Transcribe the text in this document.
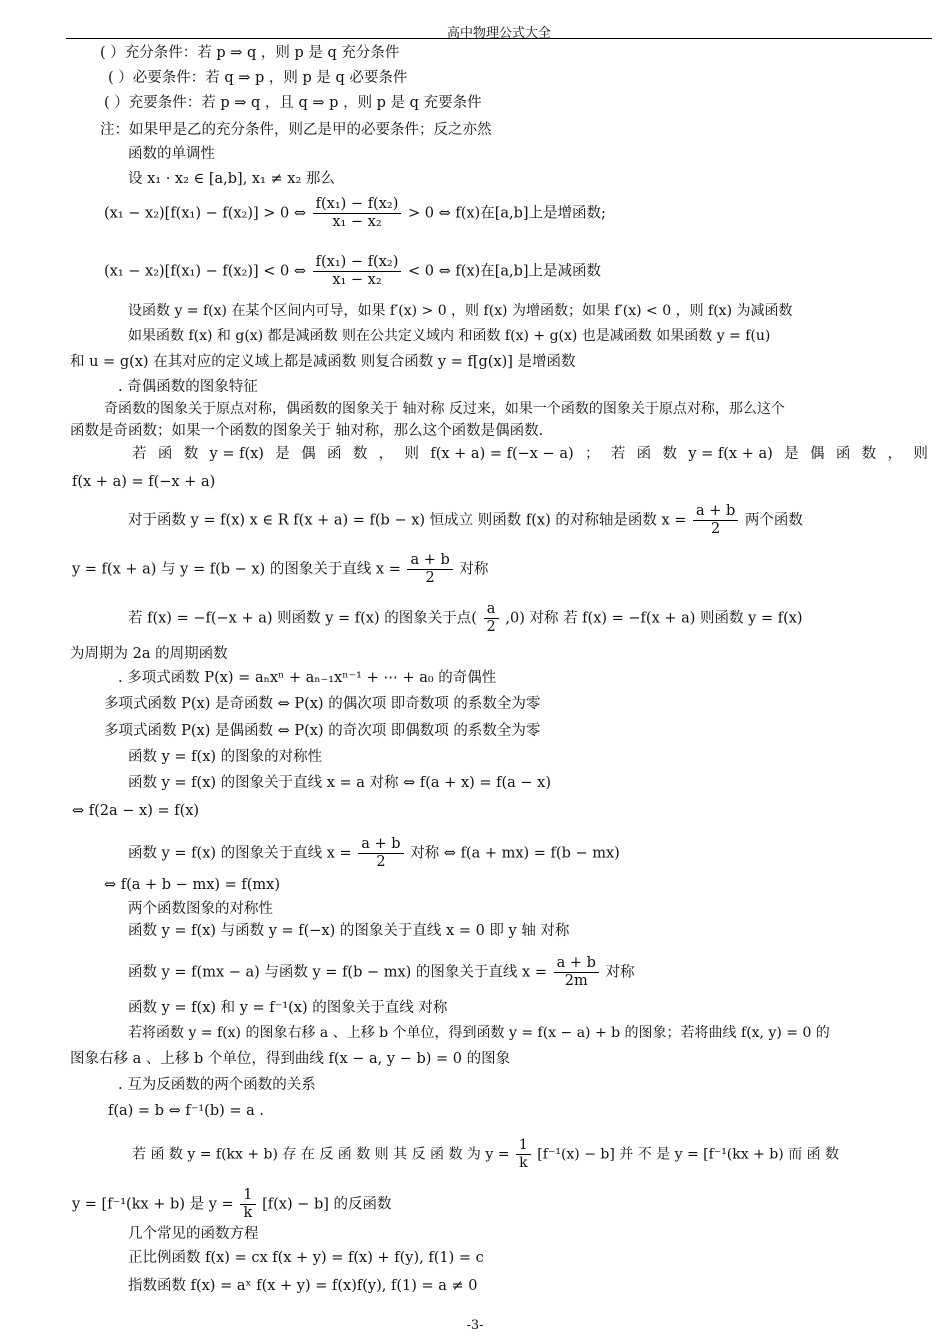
高中物理公式大全
( ）充分条件：若 p ⇒ q ，则 p 是 q 充分条件
( ）必要条件：若 q ⇒ p ，则 p 是 q 必要条件
( ）充要条件：若 p ⇒ q ，且 q ⇒ p ，则 p 是 q 充要条件
注：如果甲是乙的充分条件，则乙是甲的必要条件；反之亦然
函数的单调性
设 x₁ · x₂ ∈ [a,b], x₁ ≠ x₂ 那么
(x₁ − x₂)[f(x₁) − f(x₂)] > 0 ⇔ $\frac{\text{f(x₁) − f(x₂)}}{\text{x₁ − x₂}} > 0$ ⇔ f(x)在[a,b]上是增函数;
(x₁ − x₂)[f(x₁) − f(x₂)] < 0 ⇔ $\frac{\text{f(x₁) − f(x₂)}}{\text{x₁ − x₂}} < 0$ ⇔ f(x)在[a,b]上是减函数
设函数 y = f(x) 在某个区间内可导，如果 f′(x) > 0 ，则 f(x) 为增函数；如果 f′(x) < 0 ，则 f(x) 为减函数
如果函数 f(x) 和 g(x) 都是减函数 则在公共定义域内 和函数 f(x) + g(x) 也是减函数 如果函数 y = f(u)
和 u = g(x) 在其对应的定义域上都是减函数 则复合函数 y = f[g(x)] 是增函数
. 奇偶函数的图象特征
奇函数的图象关于原点对称，偶函数的图象关于 轴对称 反过来，如果一个函数的图象关于原点对称，那么这个
函数是奇函数；如果一个函数的图象关于 轴对称，那么这个函数是偶函数.
若 函 数 y = f(x) 是 偶 函 数 ， 则 f(x + a) = f(−x − a) ； 若 函 数 y = f(x + a) 是 偶 函 数 ， 则
f(x + a) = f(−x + a)
对于函数 y = f(x) x ∈ R f(x + a) = f(b − x) 恒成立 则函数 f(x) 的对称轴是函数 $x = \frac{a + b}{2}$ 两个函数
y = f(x + a) 与 y = f(b − x) 的图象关于直线 $x = \frac{a + b}{2}$ 对称
若 f(x) = −f(−x + a) 则函数 y = f(x) 的图象关于点( $\frac{a}{2} ,0$) 对称 若 f(x) = −f(x + a) 则函数 y = f(x)
为周期为 2a 的周期函数
. 多项式函数 P(x) = aₙxⁿ + aₙ₋₁xⁿ⁻¹ + ⋯ + a₀ 的奇偶性
多项式函数 P(x) 是奇函数 ⇔ P(x) 的偶次项 即奇数项 的系数全为零
多项式函数 P(x) 是偶函数 ⇔ P(x) 的奇次项 即偶数项 的系数全为零
函数 y = f(x) 的图象的对称性
函数 y = f(x) 的图象关于直线 x = a 对称 ⇔ f(a + x) = f(a − x)
⇔ f(2a − x) = f(x)
函数 y = f(x) 的图象关于直线 $x = \frac{a + b}{2}$ 对称 ⇔ f(a + mx) = f(b − mx)
⇔ f(a + b − mx) = f(mx)
两个函数图象的对称性
函数 y = f(x) 与函数 y = f(−x) 的图象关于直线 x = 0 即 y 轴 对称
函数 y = f(mx − a) 与函数 y = f(b − mx) 的图象关于直线 $x = \frac{a + b}{2m}$ 对称
函数 y = f(x) 和 y = f⁻¹(x) 的图象关于直线 对称
若将函数 y = f(x) 的图象右移 a 、上移 b 个单位，得到函数 y = f(x − a) + b 的图象；若将曲线 f(x, y) = 0 的
图象右移 a 、上移 b 个单位，得到曲线 f(x − a, y − b) = 0 的图象
. 互为反函数的两个函数的关系
f(a) = b ⇔ f⁻¹(b) = a .
若 函 数 y = f(kx + b) 存 在 反 函 数 则 其 反 函 数 为 $y = \frac{1}{k} [f^{-1}(x) - b]$ 并 不 是 y = [f⁻¹(kx + b) 而 函 数
y = [f⁻¹(kx + b) 是 $y = \frac{1}{k} [f(x) - b]$ 的反函数
几个常见的函数方程
正比例函数 f(x) = cx f(x + y) = f(x) + f(y), f(1) = c
指数函数 f(x) = aˣ f(x + y) = f(x)f(y), f(1) = a ≠ 0
-3-
